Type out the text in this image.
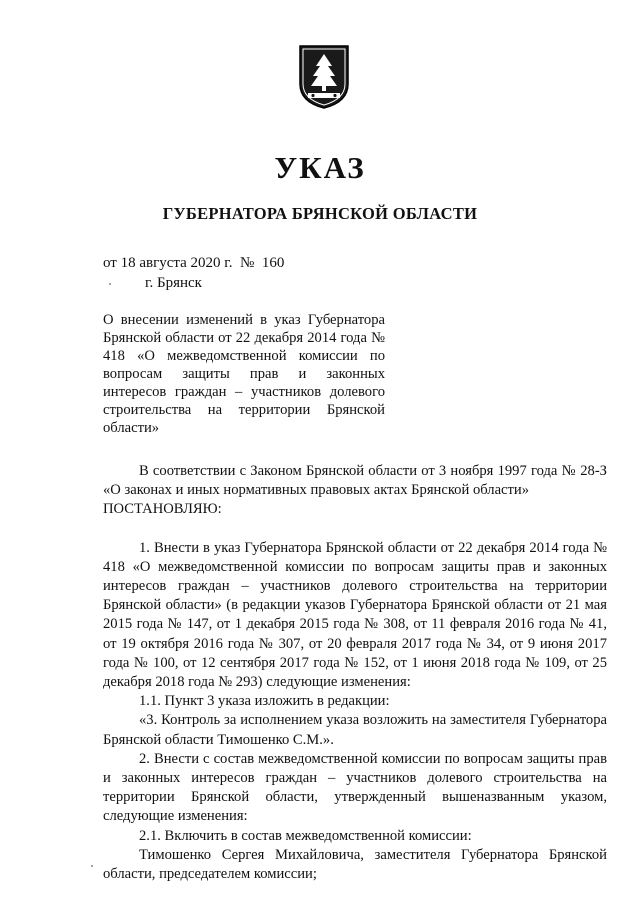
УКАЗ
ГУБЕРНАТОРА БРЯНСКОЙ ОБЛАСТИ
от 18 августа 2020 г.  №  160
г. Брянск
О внесении изменений в указ Губернатора Брянской области от 22 декабря 2014 года № 418 «О межведомственной комиссии по вопросам защиты прав и законных интересов граждан – участников долевого строительства на территории Брянской области»

В соответствии с Законом Брянской области от 3 ноября 1997 года № 28-З «О законах и иных нормативных правовых актах Брянской области»

ПОСТАНОВЛЯЮ:

1. Внести в указ Губернатора Брянской области от 22 декабря 2014 года № 418 «О межведомственной комиссии по вопросам защиты прав и законных интересов граждан – участников долевого строительства на территории Брянской области» (в редакции указов Губернатора Брянской области от 21 мая 2015 года № 147, от 1 декабря 2015 года № 308, от 11 февраля 2016 года № 41, от 19 октября 2016 года № 307, от 20 февраля 2017 года № 34, от 9 июня 2017 года № 100, от 12 сентября 2017 года № 152, от 1 июня 2018 года № 109, от 25 декабря 2018 года № 293) следующие изменения:

1.1. Пункт 3 указа изложить в редакции:

«3. Контроль за исполнением указа возложить на заместителя Губернатора Брянской области Тимошенко С.М.».

2. Внести с состав межведомственной комиссии по вопросам защиты прав и законных интересов граждан – участников долевого строительства на территории Брянской области, утвержденный вышеназванным указом, следующие изменения:

2.1. Включить в состав межведомственной комиссии:

Тимошенко Сергея Михайловича, заместителя Губернатора Брянской области, председателем комиссии;
